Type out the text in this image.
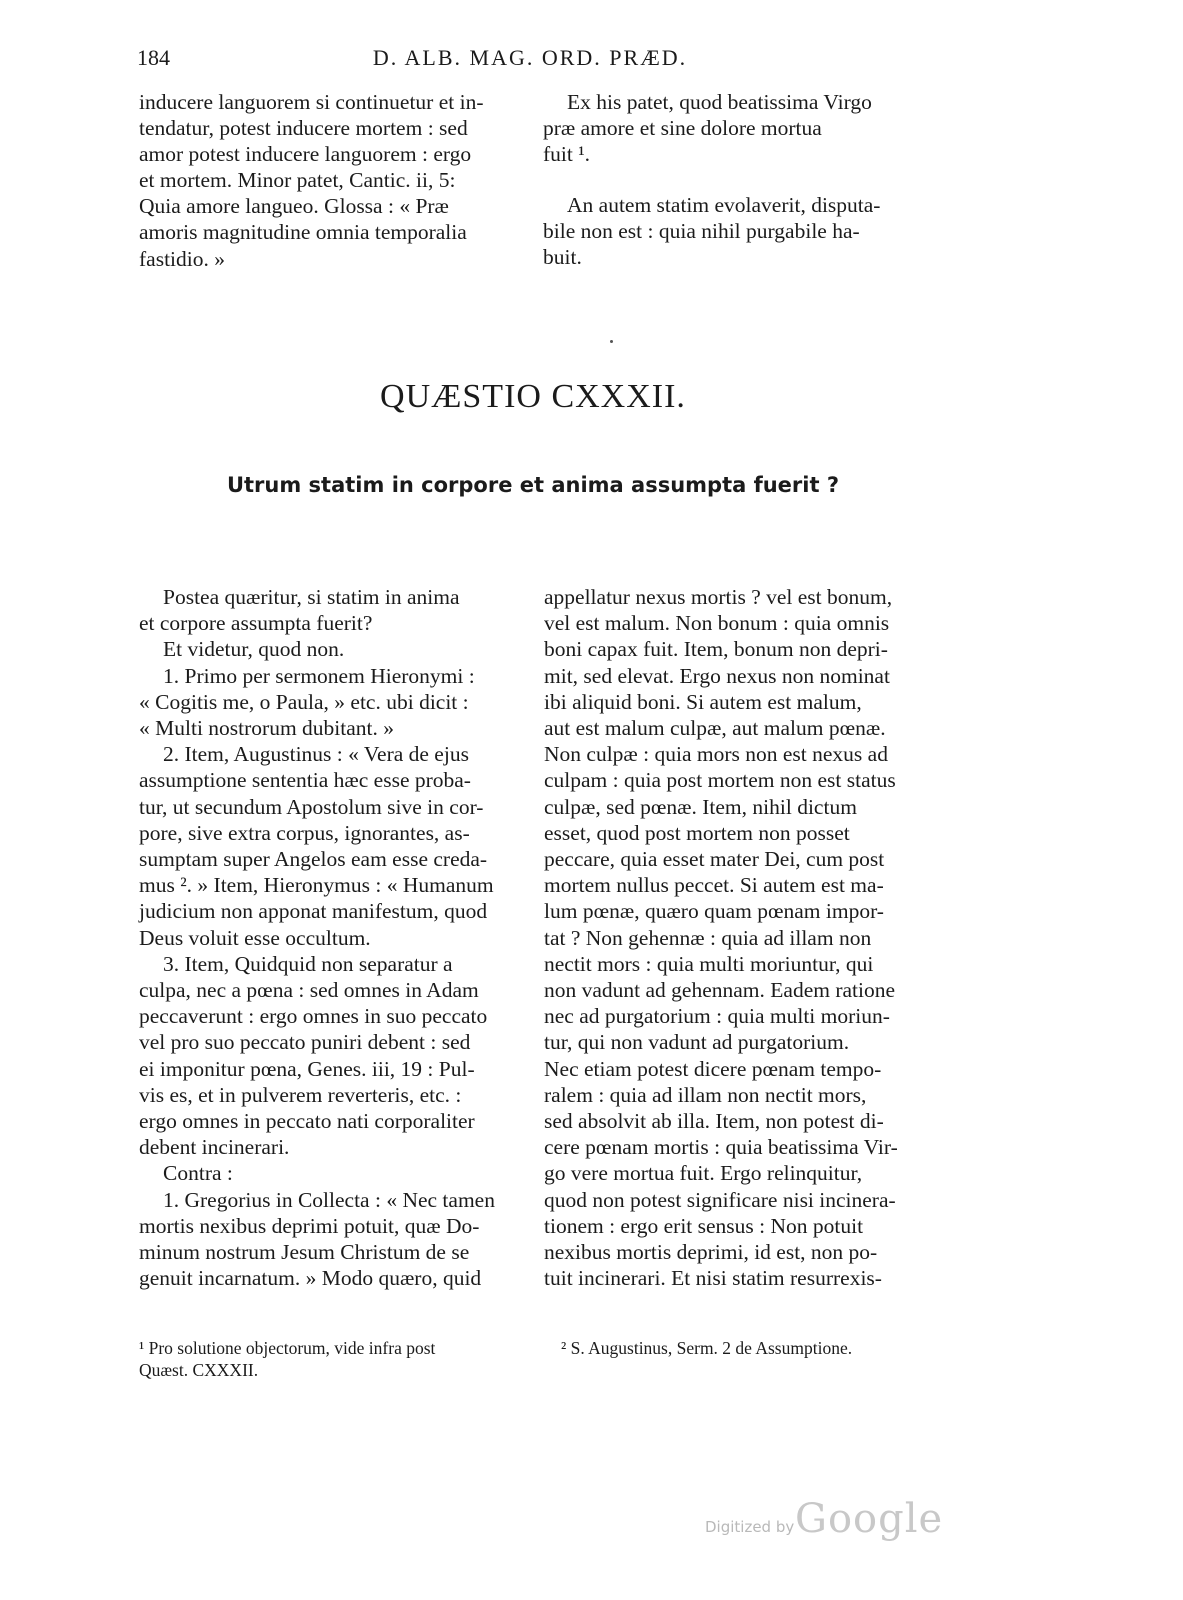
184	D. ALB. MAG. ORD. PRÆD.

inducere languorem si continuetur et in-

tendatur, potest inducere mortem : sed

amor potest inducere languorem : ergo

et mortem. Minor patet, Cantic. ii, 5:

Quia amore langueo. Glossa : « Præ

amoris magnitudine omnia temporalia

fastidio. »

Ex his patet, quod beatissima Virgo

præ amore et sine dolore mortua

fuit ¹.

An autem statim evolaverit, disputa-

bile non est : quia nihil purgabile ha-

buit.

QUÆSTIO CXXXII.
Utrum statim in corpore et anima assumpta fuerit ?

Postea quæritur, si statim in anima

et corpore assumpta fuerit?

Et videtur, quod non.

1. Primo per sermonem Hieronymi :

« Cogitis me, o Paula, » etc. ubi dicit :

« Multi nostrorum dubitant. »

2. Item, Augustinus : « Vera de ejus

assumptione sententia hæc esse proba-

tur, ut secundum Apostolum sive in cor-

pore, sive extra corpus, ignorantes, as-

sumptam super Angelos eam esse creda-

mus ². » Item, Hieronymus : « Humanum

judicium non apponat manifestum, quod

Deus voluit esse occultum.

3. Item, Quidquid non separatur a

culpa, nec a pœna : sed omnes in Adam

peccaverunt : ergo omnes in suo peccato

vel pro suo peccato puniri debent : sed

ei imponitur pœna, Genes. iii, 19 : Pul-

vis es, et in pulverem reverteris, etc. :

ergo omnes in peccato nati corporaliter

debent incinerari.

Contra :

1. Gregorius in Collecta : « Nec tamen

mortis nexibus deprimi potuit, quæ Do-

minum nostrum Jesum Christum de se

genuit incarnatum. » Modo quæro, quid

appellatur nexus mortis ? vel est bonum,

vel est malum. Non bonum : quia omnis

boni capax fuit. Item, bonum non depri-

mit, sed elevat. Ergo nexus non nominat

ibi aliquid boni. Si autem est malum,

aut est malum culpæ, aut malum pœnæ.

Non culpæ : quia mors non est nexus ad

culpam : quia post mortem non est status

culpæ, sed pœnæ. Item, nihil dictum

esset, quod post mortem non posset

peccare, quia esset mater Dei, cum post

mortem nullus peccet. Si autem est ma-

lum pœnæ, quæro quam pœnam impor-

tat ? Non gehennæ : quia ad illam non

nectit mors : quia multi moriuntur, qui

non vadunt ad gehennam. Eadem ratione

nec ad purgatorium : quia multi moriun-

tur, qui non vadunt ad purgatorium.

Nec etiam potest dicere pœnam tempo-

ralem : quia ad illam non nectit mors,

sed absolvit ab illa. Item, non potest di-

cere pœnam mortis : quia beatissima Vir-

go vere mortua fuit. Ergo relinquitur,

quod non potest significare nisi incinera-

tionem : ergo erit sensus : Non potuit

nexibus mortis deprimi, id est, non po-

tuit incinerari. Et nisi statim resurrexis-

¹ Pro solutione objectorum, vide infra post

Quæst. CXXXII.

² S. Augustinus, Serm. 2 de Assumptione.

Digitized by Google
